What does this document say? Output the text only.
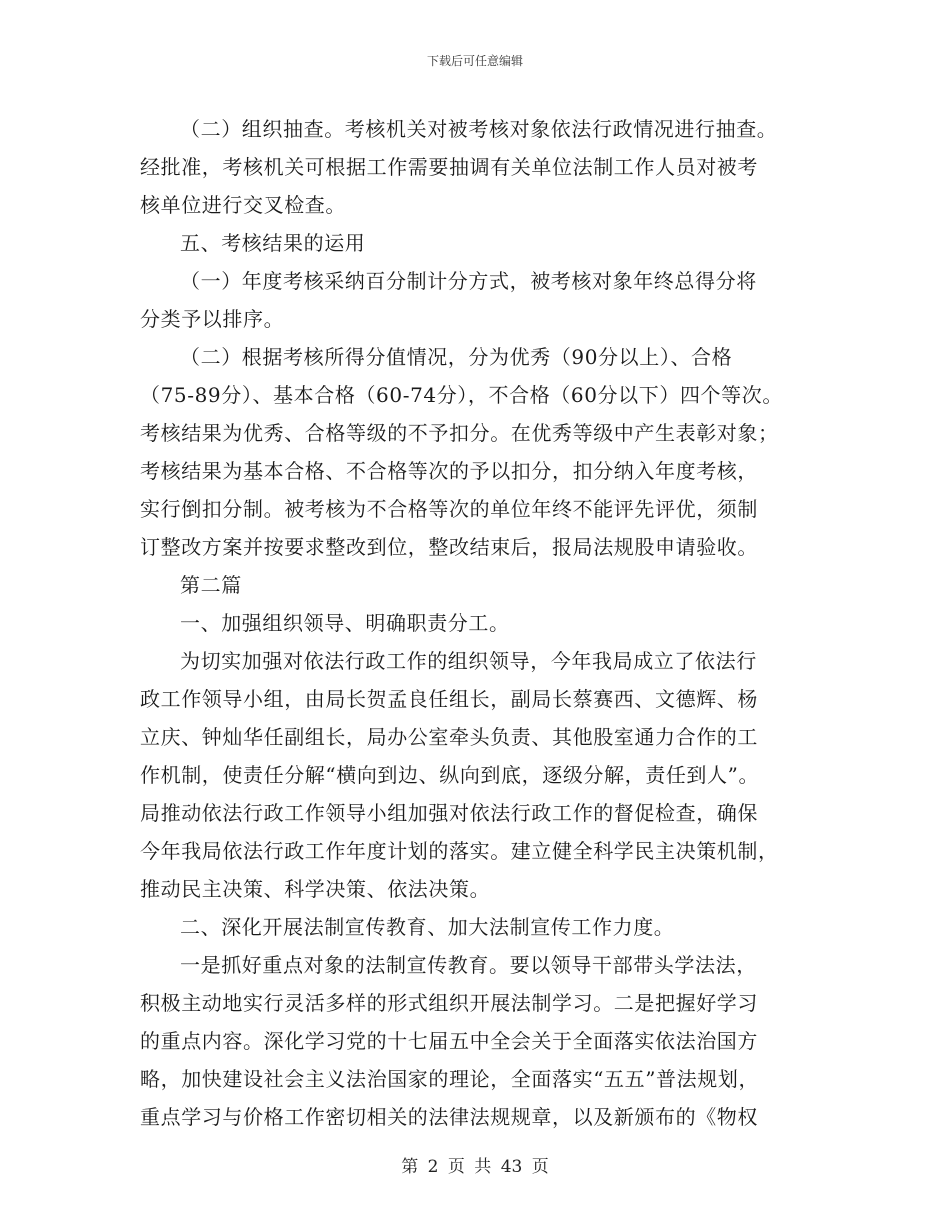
下载后可任意编辑
（二）组织抽查。考核机关对被考核对象依法行政情况进行抽查。
经批准，考核机关可根据工作需要抽调有关单位法制工作人员对被考
核单位进行交叉检查。
五、考核结果的运用
（一）年度考核采纳百分制计分方式，被考核对象年终总得分将
分类予以排序。
（二）根据考核所得分值情况，分为优秀（90分以上）、合格
（75-89分）、基本合格（60-74分），不合格（60分以下）四个等次。
考核结果为优秀、合格等级的不予扣分。在优秀等级中产生表彰对象；
考核结果为基本合格、不合格等次的予以扣分，扣分纳入年度考核，
实行倒扣分制。被考核为不合格等次的单位年终不能评先评优，须制
订整改方案并按要求整改到位，整改结束后，报局法规股申请验收。
第二篇
一、加强组织领导、明确职责分工。
为切实加强对依法行政工作的组织领导，今年我局成立了依法行
政工作领导小组，由局长贺孟良任组长，副局长蔡赛西、文德辉、杨
立庆、钟灿华任副组长，局办公室牵头负责、其他股室通力合作的工
作机制，使责任分解“横向到边、纵向到底，逐级分解，责任到人”。
局推动依法行政工作领导小组加强对依法行政工作的督促检查，确保
今年我局依法行政工作年度计划的落实。建立健全科学民主决策机制，
推动民主决策、科学决策、依法决策。
二、深化开展法制宣传教育、加大法制宣传工作力度。
一是抓好重点对象的法制宣传教育。要以领导干部带头学法法，
积极主动地实行灵活多样的形式组织开展法制学习。二是把握好学习
的重点内容。深化学习党的十七届五中全会关于全面落实依法治国方
略，加快建设社会主义法治国家的理论，全面落实“五五”普法规划，
重点学习与价格工作密切相关的法律法规规章，以及新颁布的《物权
第 2 页 共 43 页
